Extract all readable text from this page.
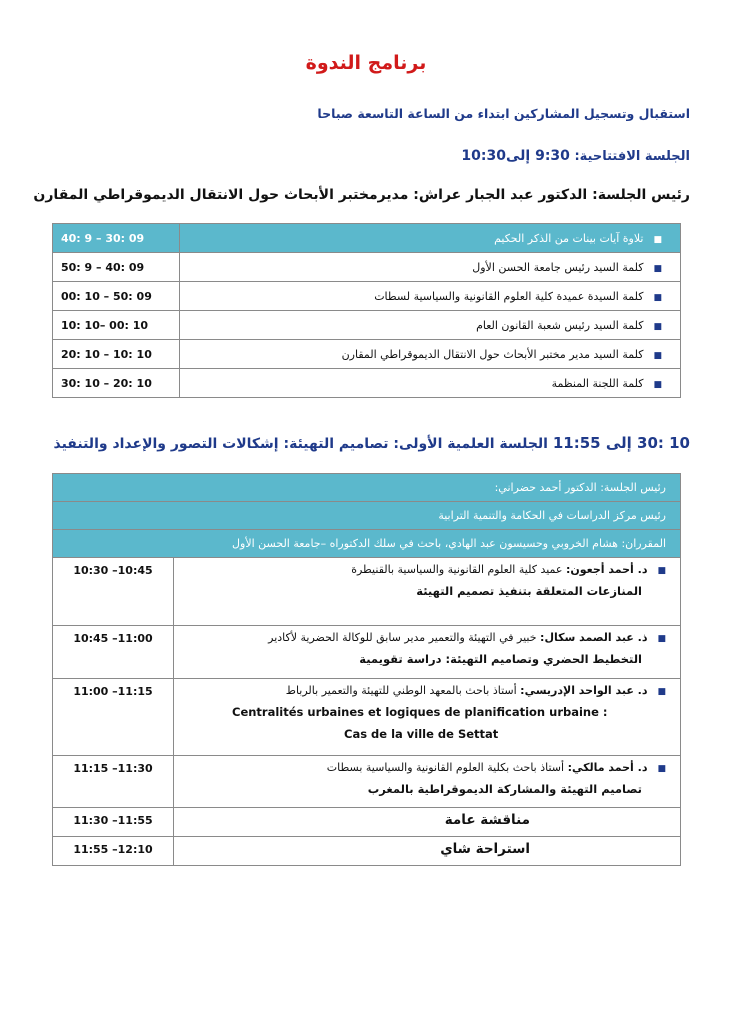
برنامج الندوة
استقبال وتسجيل المشاركين ابتداء من الساعة التاسعة صباحا
الجلسة الافتتاحية: 9:30 إلى10:30
رئيس الجلسة: الدكتور عبد الجبار عراش: مديرمختبر الأبحاث حول الانتقال الديموقراطي المقارن
■تلاوة آيات بينات من الذكر الحكيم	40: 9 – 30: 09
■كلمة السيد رئيس جامعة الحسن الأول	50: 9 – 40: 09
■كلمة السيدة عميدة كلية العلوم القانونية والسياسية لسطات	00: 10 – 50: 09
■كلمة السيد رئيس شعبة القانون العام	10: 10– 00: 10
■كلمة السيد مدير مختبر الأبحاث حول الانتقال الديموقراطي المقارن	20: 10 – 10: 10
■كلمة اللجنة المنظمة	30: 10 – 20: 10
10 :30 إلى 11:55 الجلسة العلمية الأولى: تصاميم التهيئة: إشكالات التصور والإعداد والتنفيذ
رئيس الجلسة: الدكتور أحمد حضراني:	
رئيس مركز الدراسات في الحكامة والتنمية الترابية	
المقرران: هشام الخروبي وحسيسون عبد الهادي، باحث في سلك الدكتوراه –جامعة الحسن الأول	

■د. أحمد أجعون: عميد كلية العلوم القانونية والسياسية بالقنيطرة
المنازعات المتعلقة بتنفيذ تصميم التهيئة	10:30 –10:45

■ذ. عبد الصمد سكال: خبير في التهيئة والتعمير مدير سابق للوكالة الحضرية لأكادير
التخطيط الحضري وتصاميم التهيئة: دراسة تقويمية	10:45 –11:00

■د. عبد الواحد الإدريسي: أستاذ باحث بالمعهد الوطني للتهيئة والتعمير بالرباط
Centralités urbaines et logiques de planification urbaine :
Cas de la ville de Settat	11:00 –11:15

■د. أحمد مالكي: أستاذ باحث بكلية العلوم القانونية والسياسية بسطات
تصاميم التهيئة والمشاركة الديموقراطية بالمغرب	11:15 –11:30
مناقشة عامة	11:30 –11:55
استراحة شاي	11:55 –12:10
